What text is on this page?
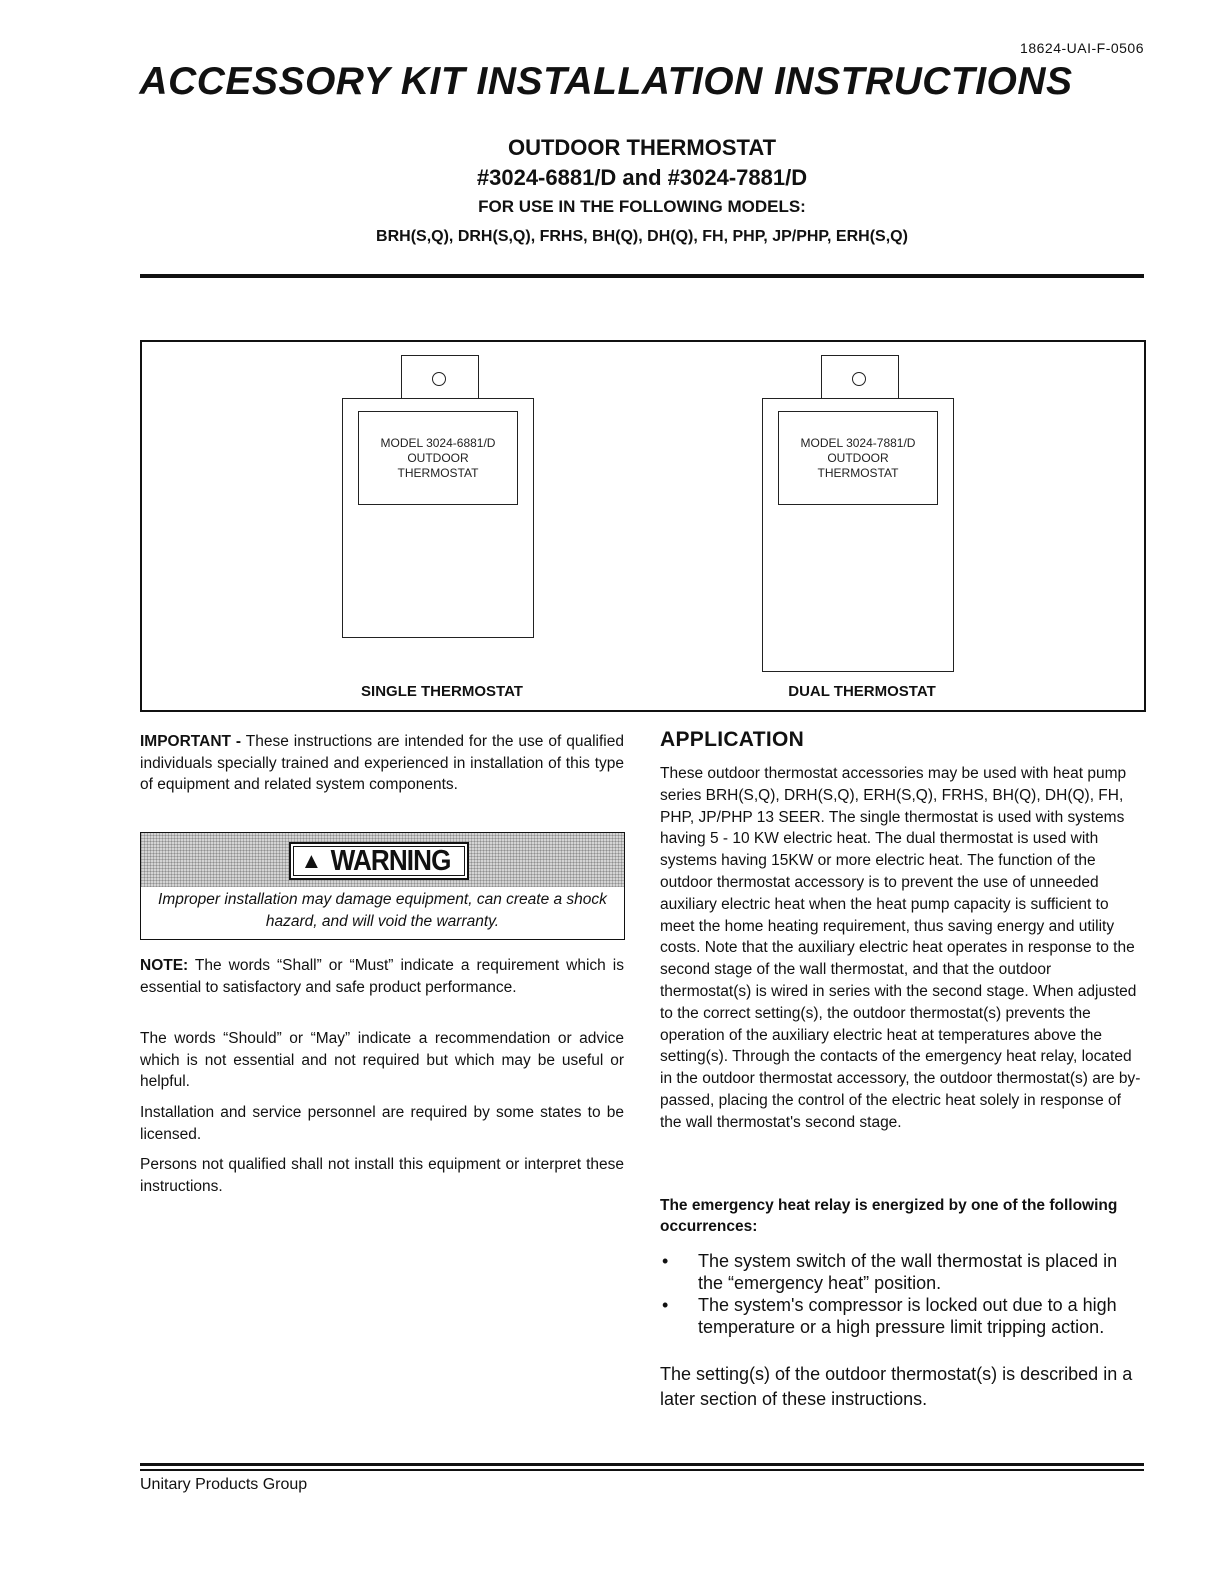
18624-UAI-F-0506
ACCESSORY KIT INSTALLATION INSTRUCTIONS
OUTDOOR THERMOSTAT
#3024-6881/D and #3024-7881/D
FOR USE IN THE FOLLOWING MODELS:
BRH(S,Q), DRH(S,Q), FRHS, BH(Q), DH(Q), FH, PHP, JP/PHP, ERH(S,Q)
MODEL 3024-6881/D
OUTDOOR
THERMOSTAT
SINGLE THERMOSTAT
MODEL 3024-7881/D
OUTDOOR
THERMOSTAT
DUAL THERMOSTAT
IMPORTANT - These instructions are intended for the use of qualified individuals specially trained and experienced in installation of this type of equipment and related system components.
▲ WARNING
Improper installation may damage equipment, can create a shock hazard, and will void the warranty.
NOTE: The words “Shall” or “Must” indicate a requirement which is essential to satisfactory and safe product performance.
The words “Should” or “May” indicate a recommendation or advice which is not essential and not required but which may be useful or helpful.
Installation and service personnel are required by some states to be licensed.
Persons not qualified shall not install this equipment or interpret these instructions.
APPLICATION
These outdoor thermostat accessories may be used with heat pump series BRH(S,Q), DRH(S,Q), ERH(S,Q), FRHS, BH(Q), DH(Q), FH, PHP, JP/PHP 13 SEER. The single thermostat is used with systems having 5 - 10 KW electric heat. The dual thermostat is used with systems having 15KW or more electric heat. The function of the outdoor thermostat accessory is to prevent the use of unneeded auxiliary electric heat when the heat pump capacity is sufficient to meet the home heating requirement, thus saving energy and utility costs. Note that the auxiliary electric heat operates in response to the second stage of the wall thermostat, and that the outdoor thermostat(s) is wired in series with the second stage. When adjusted to the correct setting(s), the outdoor thermostat(s) prevents the operation of the auxiliary electric heat at temperatures above the setting(s). Through the contacts of the emergency heat relay, located in the outdoor thermostat accessory, the outdoor thermostat(s) are by-passed, placing the control of the electric heat solely in response of the wall thermostat's second stage.
The emergency heat relay is energized by one of the following occurrences:
•	The system switch of the wall thermostat is placed in the “emergency heat” position.
•	The system's compressor is locked out due to a high temperature or a high pressure limit tripping action.
The setting(s) of the outdoor thermostat(s) is described in a later section of these instructions.
Unitary Products Group
